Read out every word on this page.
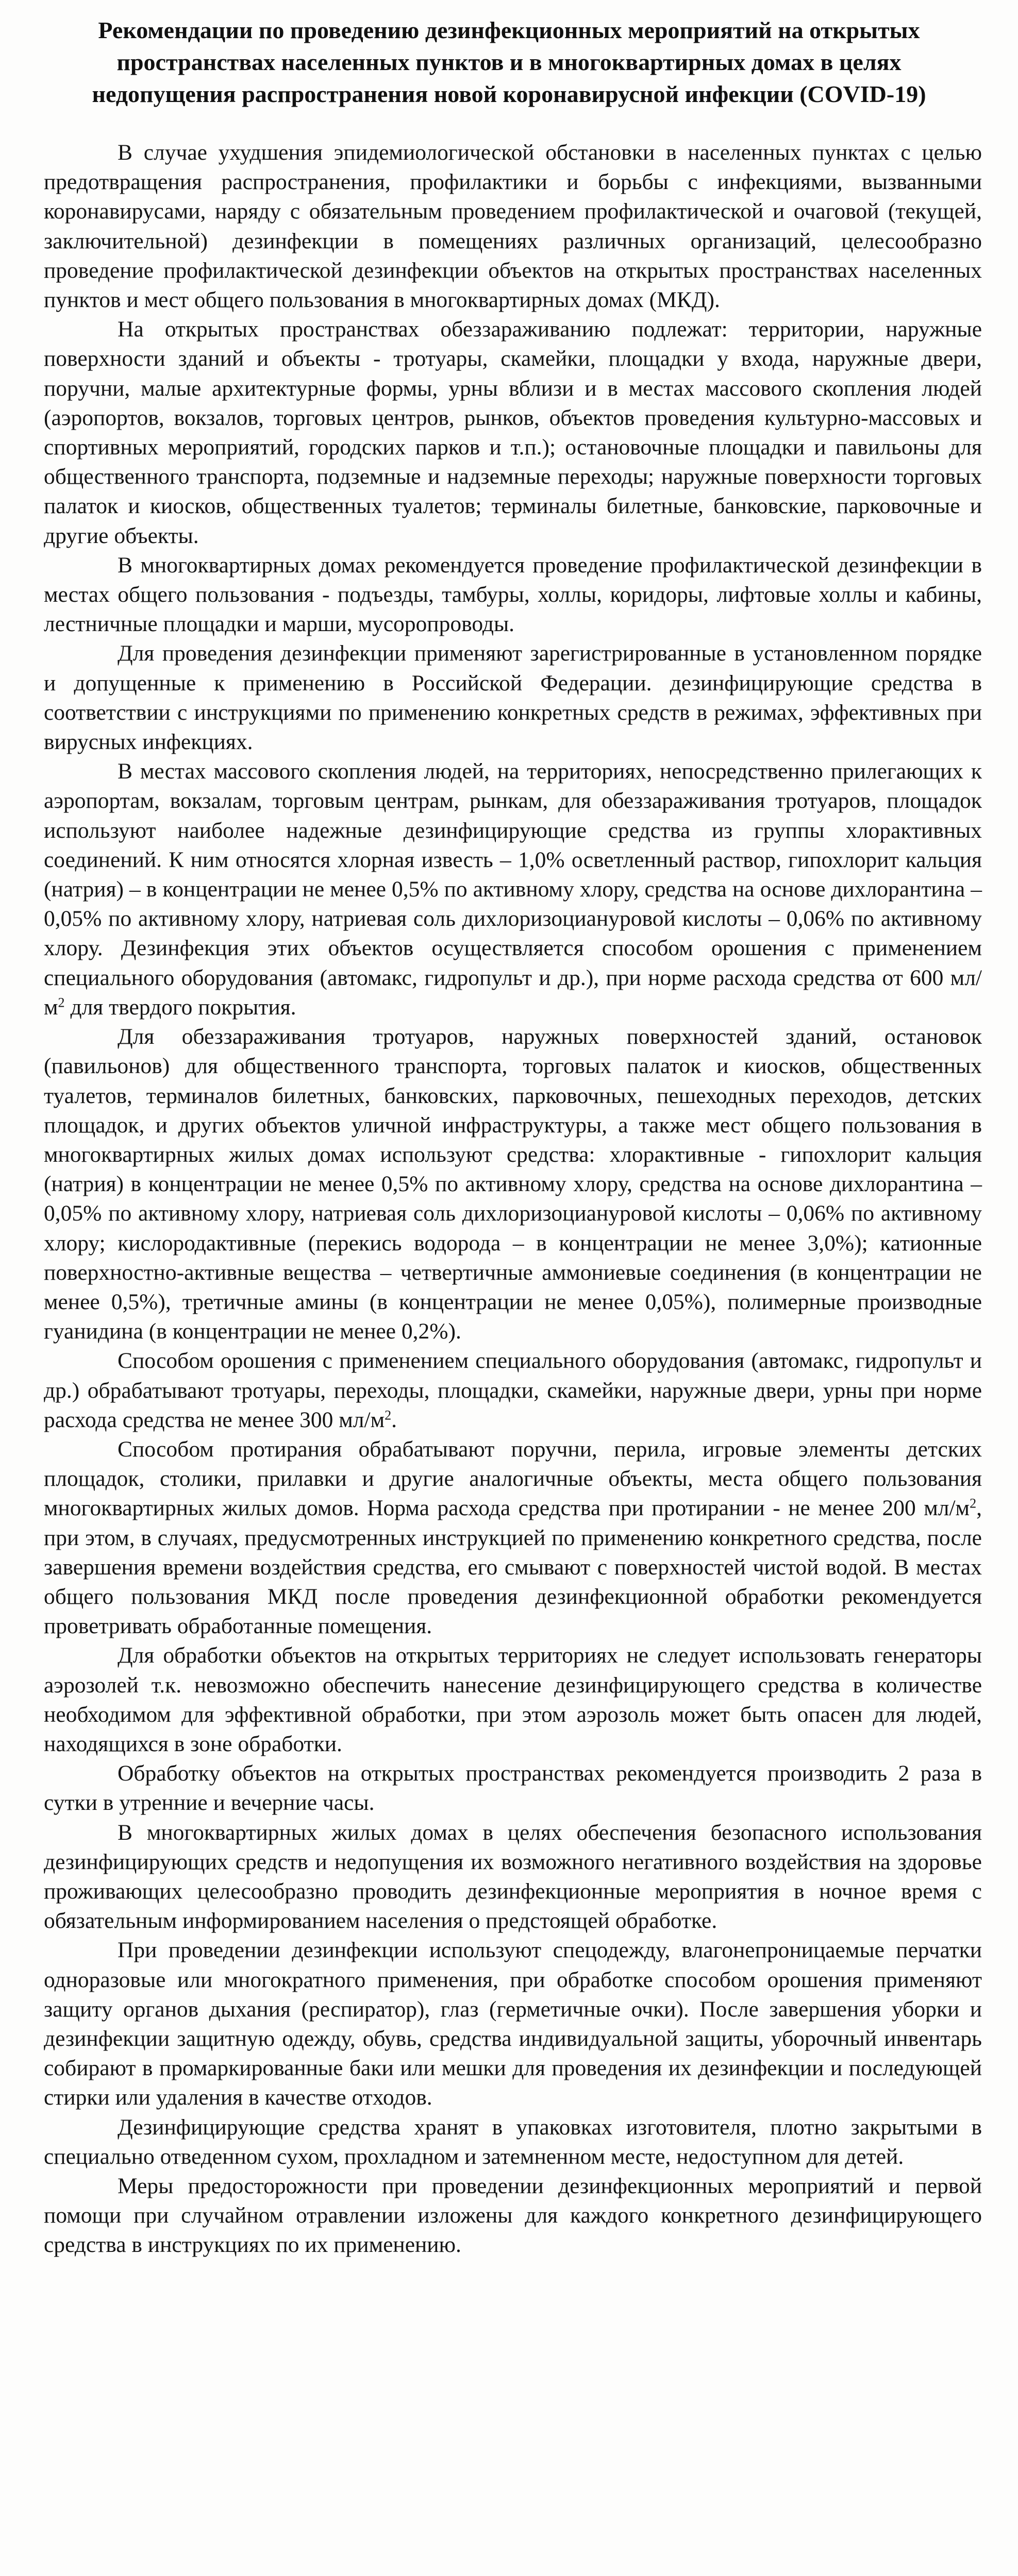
Рекомендации по проведению дезинфекционных мероприятий на открытых пространствах населенных пунктов и в многоквартирных домах в целях недопущения распространения новой коронавирусной инфекции (COVID-19)

В случае ухудшения эпидемиологической обстановки в населенных пунктах с целью предотвращения распространения, профилактики и борьбы с инфекциями, вызванными коронавирусами, наряду с обязательным проведением профилактической и очаговой (текущей, заключительной) дезинфекции в помещениях различных организаций, целесообразно проведение профилактической дезинфекции объектов на открытых пространствах населенных пунктов и мест общего пользования в многоквартирных домах (МКД).

На открытых пространствах обеззараживанию подлежат: территории, наружные поверхности зданий и объекты - тротуары, скамейки, площадки у входа, наружные двери, поручни, малые архитектурные формы, урны вблизи и в местах массового скопления людей (аэропортов, вокзалов, торговых центров, рынков, объектов проведения культурно-массовых и спортивных мероприятий, городских парков и т.п.); остановочные площадки и павильоны для общественного транспорта, подземные и надземные переходы; наружные поверхности торговых палаток и киосков, общественных туалетов; терминалы билетные, банковские, парковочные и другие объекты.

В многоквартирных домах рекомендуется проведение профилактической дезинфекции в местах общего пользования - подъезды, тамбуры, холлы, коридоры, лифтовые холлы и кабины, лестничные площадки и марши, мусоропроводы.

Для проведения дезинфекции применяют зарегистрированные в установленном порядке и допущенные к применению в Российской Федерации. дезинфицирующие средства в соответствии с инструкциями по применению конкретных средств в режимах, эффективных при вирусных инфекциях.

В местах массового скопления людей, на территориях, непосредственно прилегающих к аэропортам, вокзалам, торговым центрам, рынкам, для обеззараживания тротуаров, площадок используют наиболее надежные дезинфицирующие средства из группы хлорактивных соединений. К ним относятся хлорная известь – 1,0% осветленный раствор, гипохлорит кальция (натрия) – в концентрации не менее 0,5% по активному хлору, средства на основе дихлорантина – 0,05% по активному хлору, натриевая соль дихлоризоциануровой кислоты – 0,06% по активному хлору. Дезинфекция этих объектов осуществляется способом орошения с применением специального оборудования (автомакс, гидропульт и др.), при норме расхода средства от 600 $мл/м^2$ для твердого покрытия.

Для обеззараживания тротуаров, наружных поверхностей зданий, остановок (павильонов) для общественного транспорта, торговых палаток и киосков, общественных туалетов, терминалов билетных, банковских, парковочных, пешеходных переходов, детских площадок, и других объектов уличной инфраструктуры, а также мест общего пользования в многоквартирных жилых домах используют средства: хлорактивные - гипохлорит кальция (натрия) в концентрации не менее 0,5% по активному хлору, средства на основе дихлорантина – 0,05% по активному хлору, натриевая соль дихлоризоциануровой кислоты – 0,06% по активному хлору; кислородактивные (перекись водорода – в концентрации не менее 3,0%); катионные поверхностно-активные вещества – четвертичные аммониевые соединения (в концентрации не менее 0,5%), третичные амины (в концентрации не менее 0,05%), полимерные производные гуанидина (в концентрации не менее 0,2%).

Способом орошения с применением специального оборудования (автомакс, гидропульт и др.) обрабатывают тротуары, переходы, площадки, скамейки, наружные двери, урны при норме расхода средства не менее 300 $мл/м^2$.

Способом протирания обрабатывают поручни, перила, игровые элементы детских площадок, столики, прилавки и другие аналогичные объекты, места общего пользования многоквартирных жилых домов. Норма расхода средства при протирании - не менее 200 $мл/м^2$, при этом, в случаях, предусмотренных инструкцией по применению конкретного средства, после завершения времени воздействия средства, его смывают с поверхностей чистой водой. В местах общего пользования МКД после проведения дезинфекционной обработки рекомендуется проветривать обработанные помещения.

Для обработки объектов на открытых территориях не следует использовать генераторы аэрозолей т.к. невозможно обеспечить нанесение дезинфицирующего средства в количестве необходимом для эффективной обработки, при этом аэрозоль может быть опасен для людей, находящихся в зоне обработки.

Обработку объектов на открытых пространствах рекомендуется производить 2 раза в сутки в утренние и вечерние часы.

В многоквартирных жилых домах в целях обеспечения безопасного использования дезинфицирующих средств и недопущения их возможного негативного воздействия на здоровье проживающих целесообразно проводить дезинфекционные мероприятия в ночное время с обязательным информированием населения о предстоящей обработке.

При проведении дезинфекции используют спецодежду, влагонепроницаемые перчатки одноразовые или многократного применения, при обработке способом орошения применяют защиту органов дыхания (респиратор), глаз (герметичные очки). После завершения уборки и дезинфекции защитную одежду, обувь, средства индивидуальной защиты, уборочный инвентарь собирают в промаркированные баки или мешки для проведения их дезинфекции и последующей стирки или удаления в качестве отходов.

Дезинфицирующие средства хранят в упаковках изготовителя, плотно закрытыми в специально отведенном сухом, прохладном и затемненном месте, недоступном для детей.

Меры предосторожности при проведении дезинфекционных мероприятий и первой помощи при случайном отравлении изложены для каждого конкретного дезинфицирующего средства в инструкциях по их применению.
